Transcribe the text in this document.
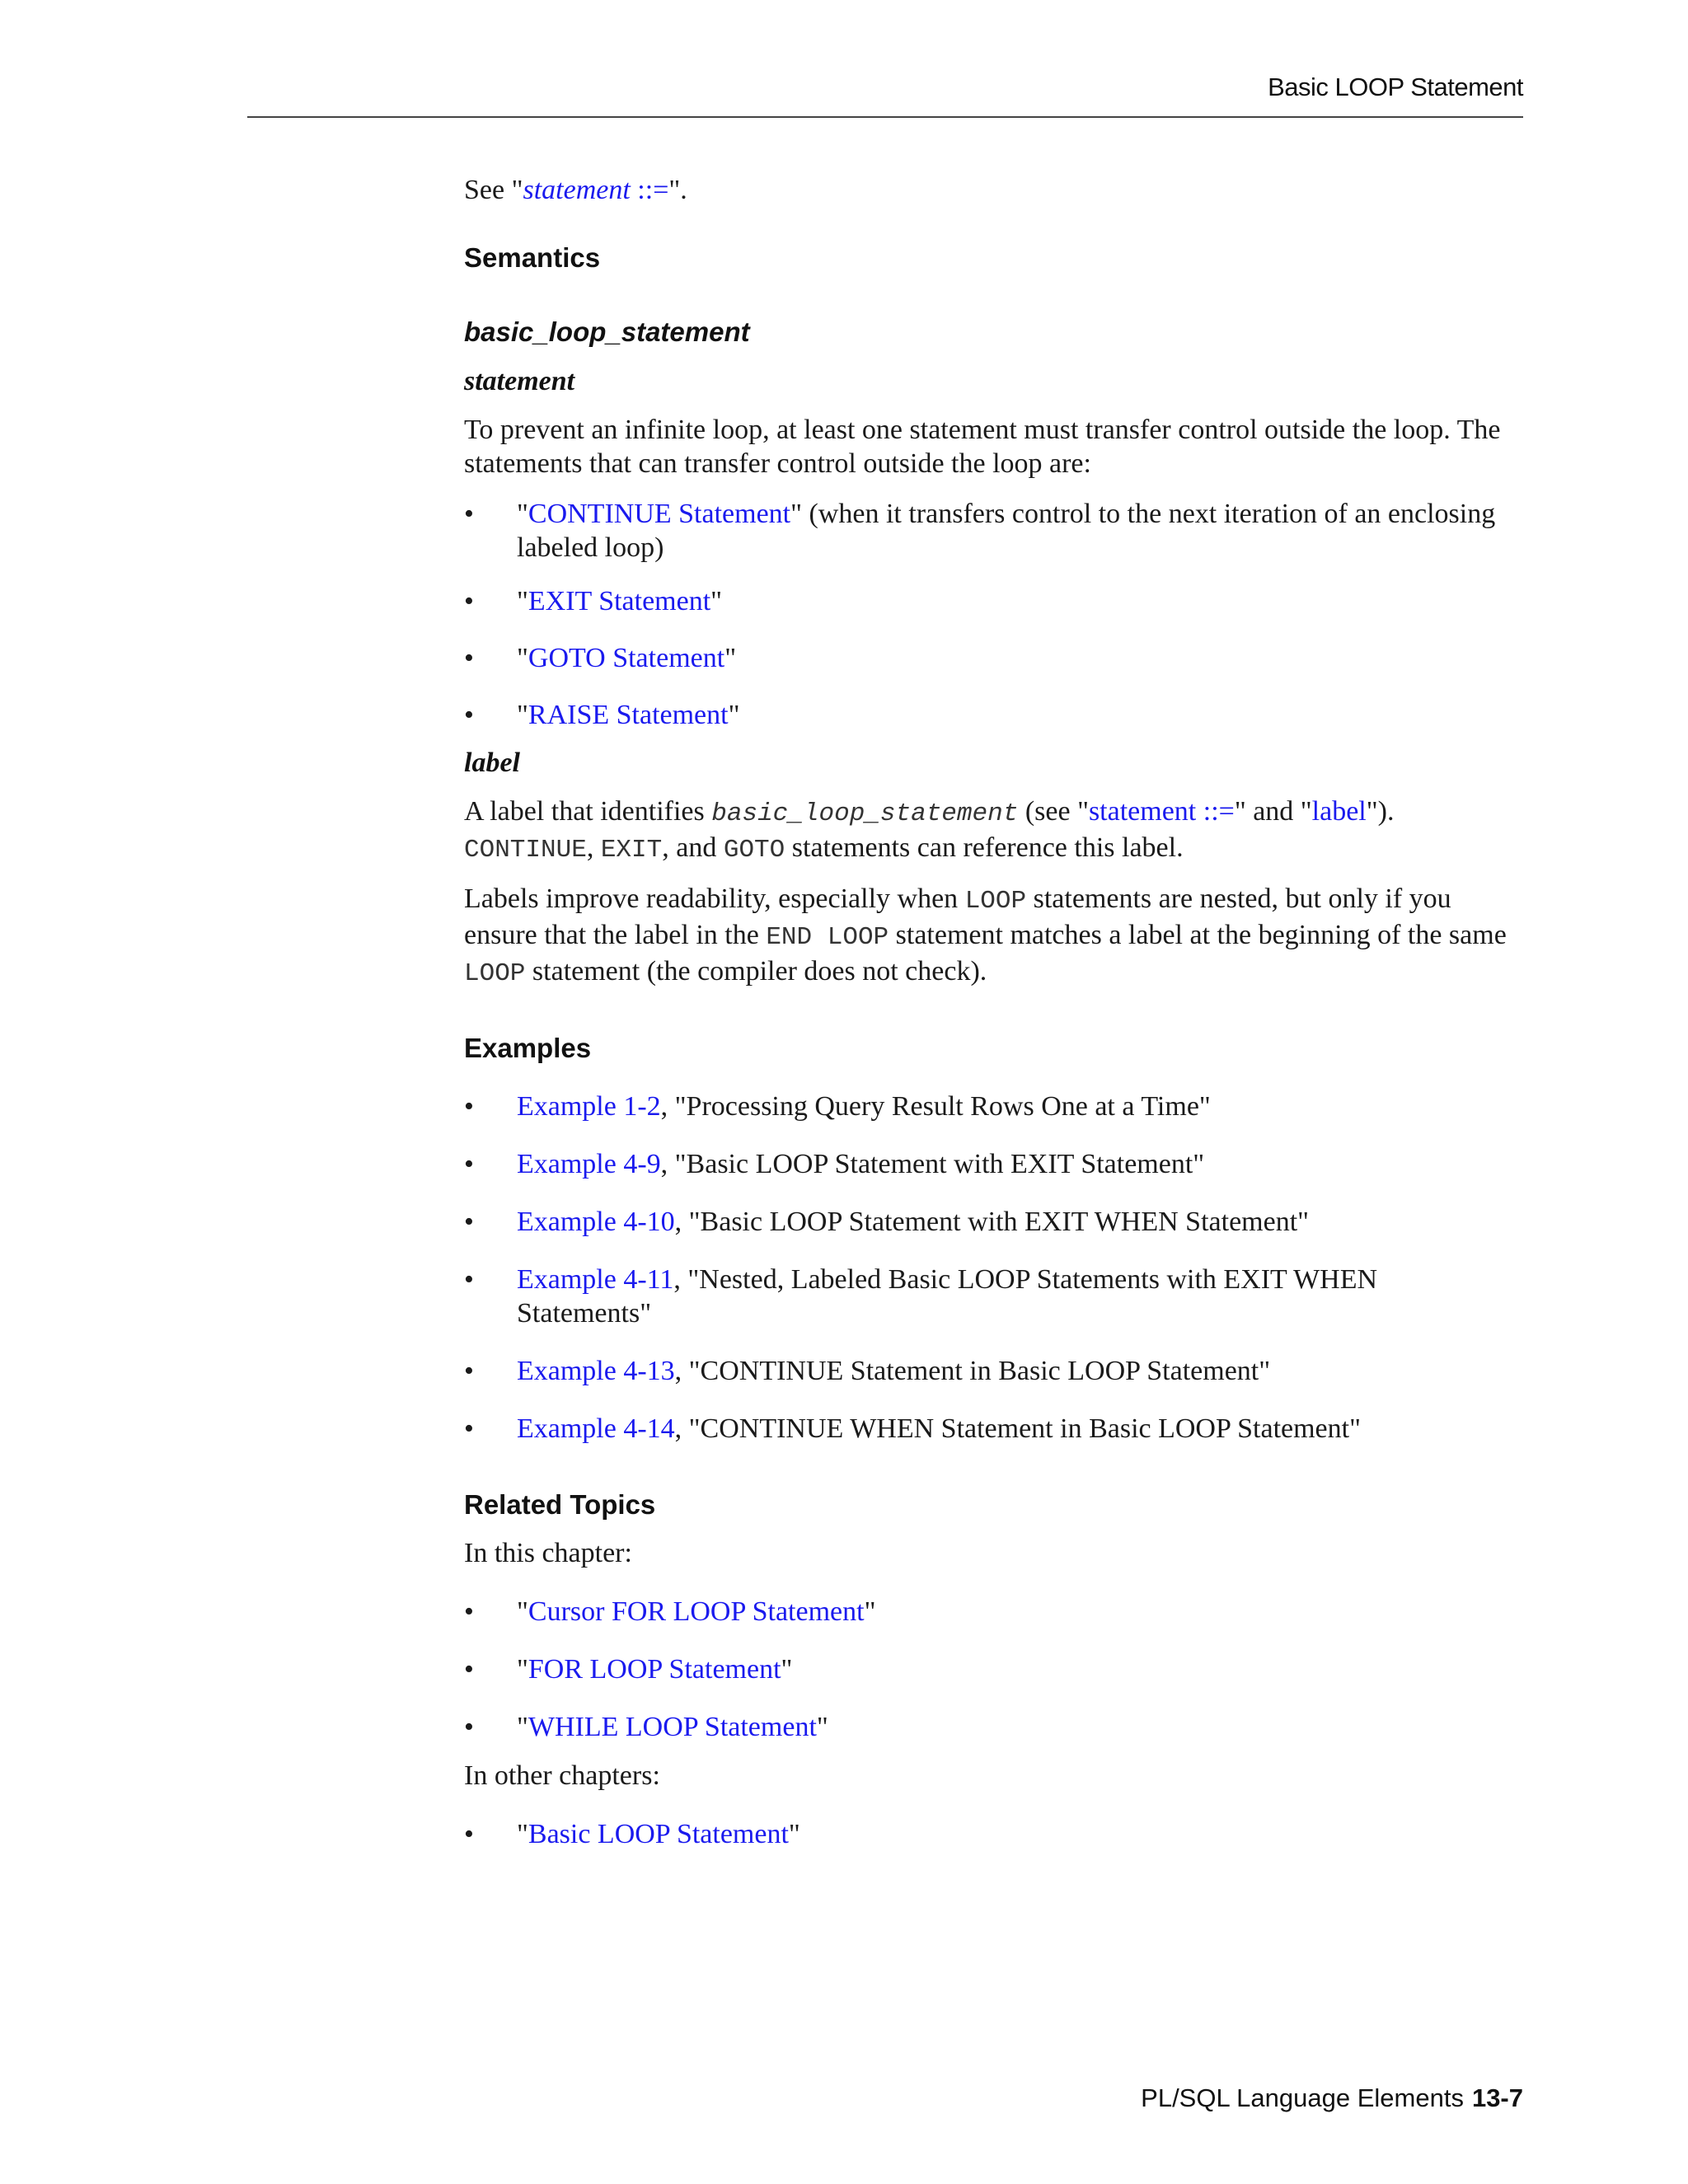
Basic LOOP Statement

See "statement ::=".

Semantics
basic_loop_statement
statement

To prevent an infinite loop, at least one statement must transfer control outside the loop. The statements that can transfer control outside the loop are:

• "CONTINUE Statement" (when it transfers control to the next iteration of an enclosing labeled loop)
• "EXIT Statement"
• "GOTO Statement"
• "RAISE Statement"
label

A label that identifies basic_loop_statement (see "statement ::=" and "label"). CONTINUE, EXIT, and GOTO statements can reference this label.

Labels improve readability, especially when LOOP statements are nested, but only if you ensure that the label in the END LOOP statement matches a label at the beginning of the same LOOP statement (the compiler does not check).

Examples
• Example 1-2, "Processing Query Result Rows One at a Time"
• Example 4-9, "Basic LOOP Statement with EXIT Statement"
• Example 4-10, "Basic LOOP Statement with EXIT WHEN Statement"
• Example 4-11, "Nested, Labeled Basic LOOP Statements with EXIT WHEN Statements"
• Example 4-13, "CONTINUE Statement in Basic LOOP Statement"
• Example 4-14, "CONTINUE WHEN Statement in Basic LOOP Statement"
Related Topics

In this chapter:

• "Cursor FOR LOOP Statement"
• "FOR LOOP Statement"
• "WHILE LOOP Statement"

In other chapters:

• "Basic LOOP Statement"
PL/SQL Language Elements 13-7
